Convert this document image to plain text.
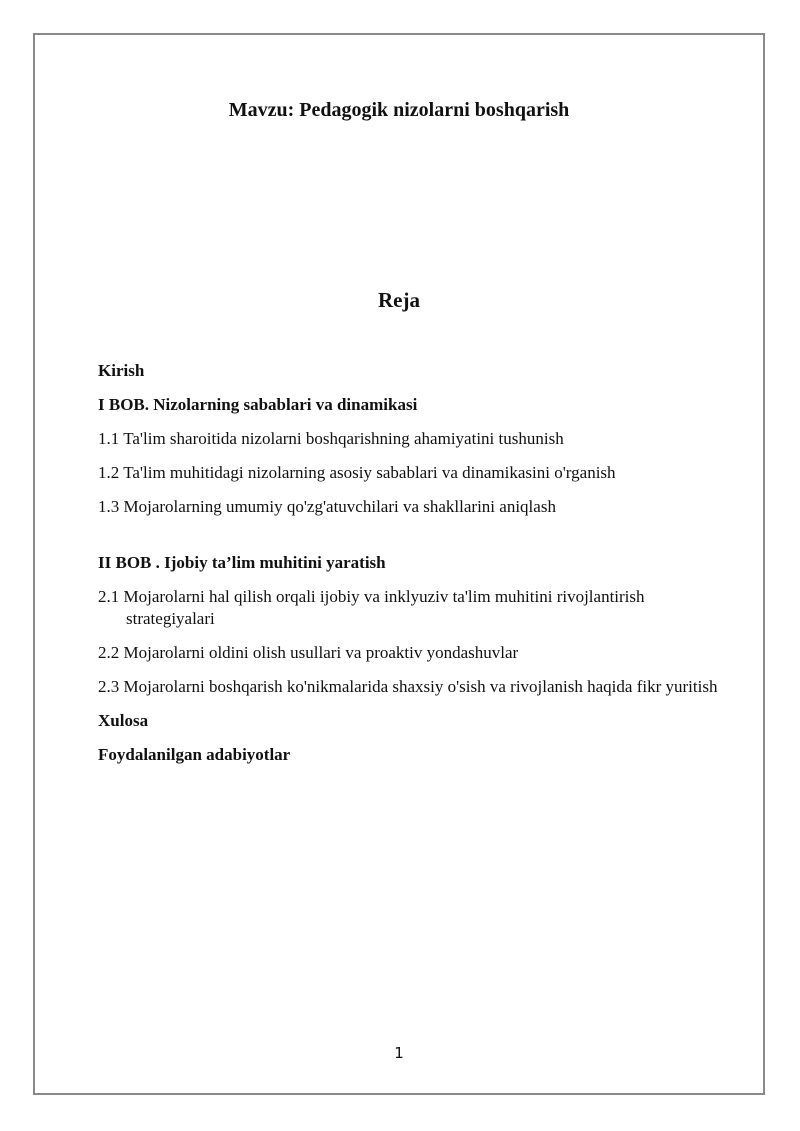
Mavzu: Pedagogik nizolarni boshqarish
Reja
Kirish
I BOB. Nizolarning sabablari va dinamikasi
1.1 Ta'lim sharoitida nizolarni boshqarishning ahamiyatini tushunish
1.2 Ta'lim muhitidagi nizolarning asosiy sabablari va dinamikasini o'rganish
1.3 Mojarolarning umumiy qo'zg'atuvchilari va shakllarini aniqlash
II BOB . Ijobiy ta’lim muhitini yaratish
2.1 Mojarolarni hal qilish orqali ijobiy va inklyuziv ta'lim muhitini rivojlantirish strategiyalari
2.2 Mojarolarni oldini olish usullari va proaktiv yondashuvlar
2.3 Mojarolarni boshqarish ko'nikmalarida shaxsiy o'sish va rivojlanish haqida fikr yuritish
Xulosa
Foydalanilgan adabiyotlar
1
